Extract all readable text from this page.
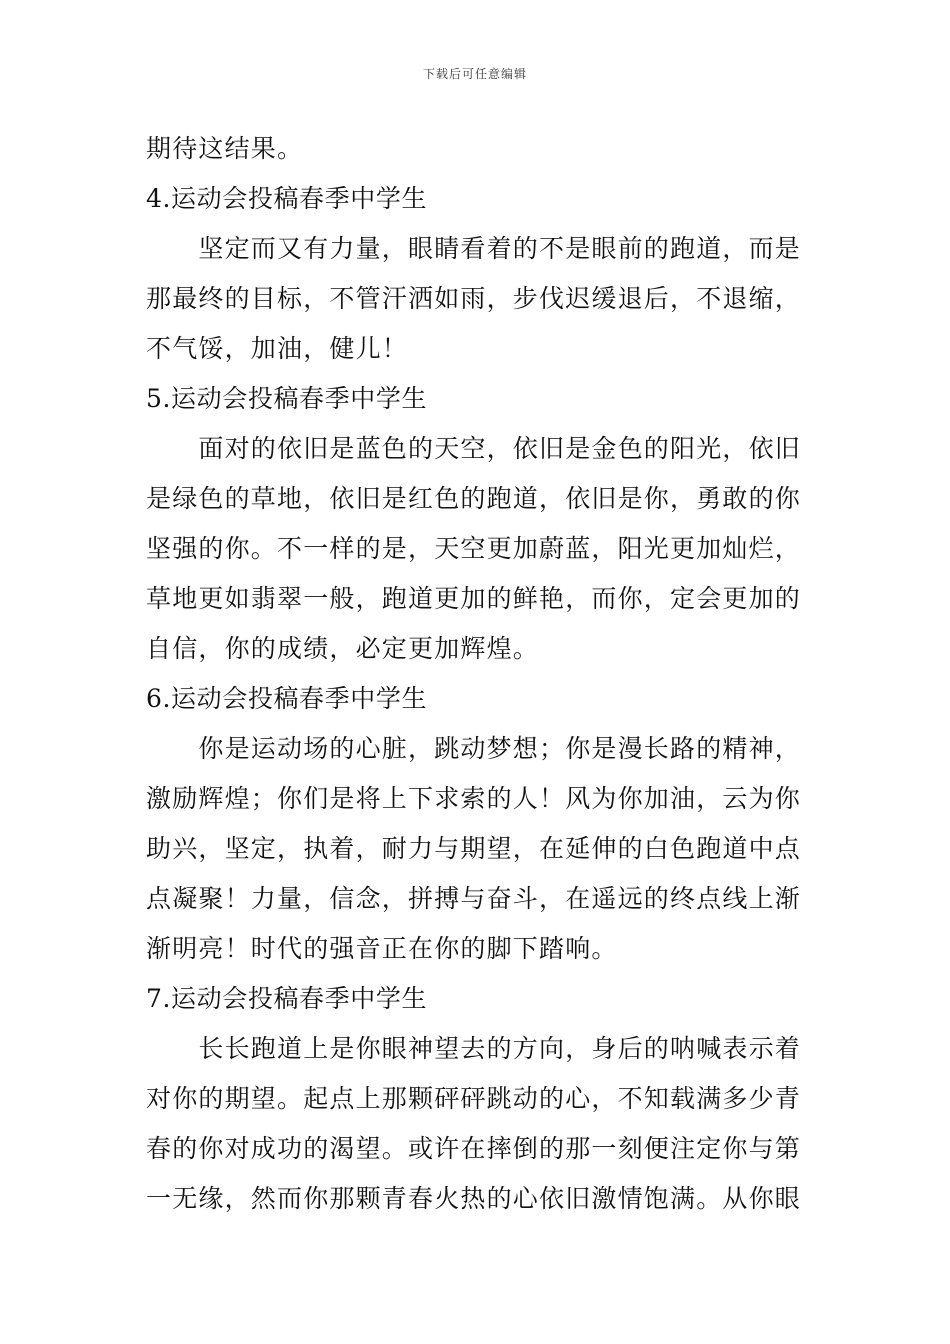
下载后可任意编辑
期待这结果。
4.运动会投稿春季中学生
　　坚定而又有力量，眼睛看着的不是眼前的跑道，而是
那最终的目标，不管汗洒如雨，步伐迟缓退后，不退缩，
不气馁，加油，健儿！
5.运动会投稿春季中学生
　　面对的依旧是蓝色的天空，依旧是金色的阳光，依旧
是绿色的草地，依旧是红色的跑道，依旧是你，勇敢的你
坚强的你。不一样的是，天空更加蔚蓝，阳光更加灿烂，
草地更如翡翠一般，跑道更加的鲜艳，而你，定会更加的
自信，你的成绩，必定更加辉煌。
6.运动会投稿春季中学生
　　你是运动场的心脏，跳动梦想；你是漫长路的精神，
激励辉煌；你们是将上下求索的人！风为你加油，云为你
助兴，坚定，执着，耐力与期望，在延伸的白色跑道中点
点凝聚！力量，信念，拼搏与奋斗，在遥远的终点线上渐
渐明亮！时代的强音正在你的脚下踏响。
7.运动会投稿春季中学生
　　长长跑道上是你眼神望去的方向，身后的呐喊表示着
对你的期望。起点上那颗砰砰跳动的心，不知载满多少青
春的你对成功的渴望。或许在摔倒的那一刻便注定你与第
一无缘，然而你那颗青春火热的心依旧激情饱满。从你眼
